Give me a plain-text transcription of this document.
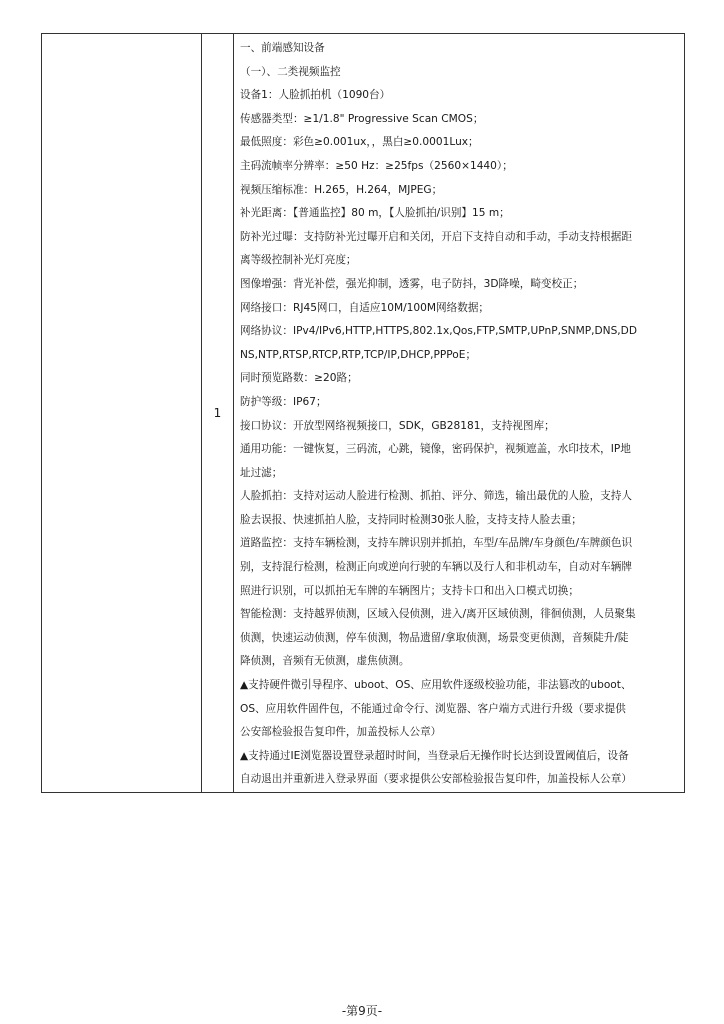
	1	
一、前端感知设备
（一）、二类视频监控
设备1：人脸抓拍机（1090台）
传感器类型：≥1/1.8" Progressive Scan CMOS；
最低照度：彩色≥0.001ux，，黑白≥0.0001Lux；
主码流帧率分辨率：≥50 Hz：≥25fps（2560×1440）；
视频压缩标准：H.265，H.264，MJPEG；
补光距离：【普通监控】80 m，【人脸抓拍/识别】15 m；
防补光过曝：支持防补光过曝开启和关闭，开启下支持自动和手动，手动支持根据距
离等级控制补光灯亮度；
图像增强：背光补偿，强光抑制，透雾，电子防抖，3D降噪，畸变校正；
网络接口：RJ45网口，自适应10M/100M网络数据；
网络协议：IPv4/IPv6,HTTP,HTTPS,802.1x,Qos,FTP,SMTP,UPnP,SNMP,DNS,DD
NS,NTP,RTSP,RTCP,RTP,TCP/IP,DHCP,PPPoE；
同时预览路数：≥20路；
防护等级：IP67；
接口协议：开放型网络视频接口，SDK，GB28181，支持视图库；
通用功能：一键恢复，三码流，心跳，镜像，密码保护，视频遮盖，水印技术，IP地
址过滤；
人脸抓拍：支持对运动人脸进行检测、抓拍、评分、筛选，输出最优的人脸，支持人
脸去误报、快速抓拍人脸，支持同时检测30张人脸，支持支持人脸去重；
道路监控：支持车辆检测，支持车牌识别并抓拍，车型/车品牌/车身颜色/车牌颜色识
别，支持混行检测，检测正向或逆向行驶的车辆以及行人和非机动车，自动对车辆牌
照进行识别，可以抓拍无车牌的车辆图片；支持卡口和出入口模式切换；
智能检测：支持越界侦测，区域入侵侦测，进入/离开区域侦测，徘徊侦测，人员聚集
侦测，快速运动侦测，停车侦测，物品遗留/拿取侦测，场景变更侦测，音频陡升/陡
降侦测，音频有无侦测，虚焦侦测。
▲支持硬件微引导程序、uboot、OS、应用软件逐级校验功能，非法篡改的uboot、
OS、应用软件固件包，不能通过命令行、浏览器、客户端方式进行升级（要求提供
公安部检验报告复印件，加盖投标人公章）
▲支持通过IE浏览器设置登录超时时间，当登录后无操作时长达到设置阈值后，设备
自动退出并重新进入登录界面（要求提供公安部检验报告复印件，加盖投标人公章）
-第9页-
